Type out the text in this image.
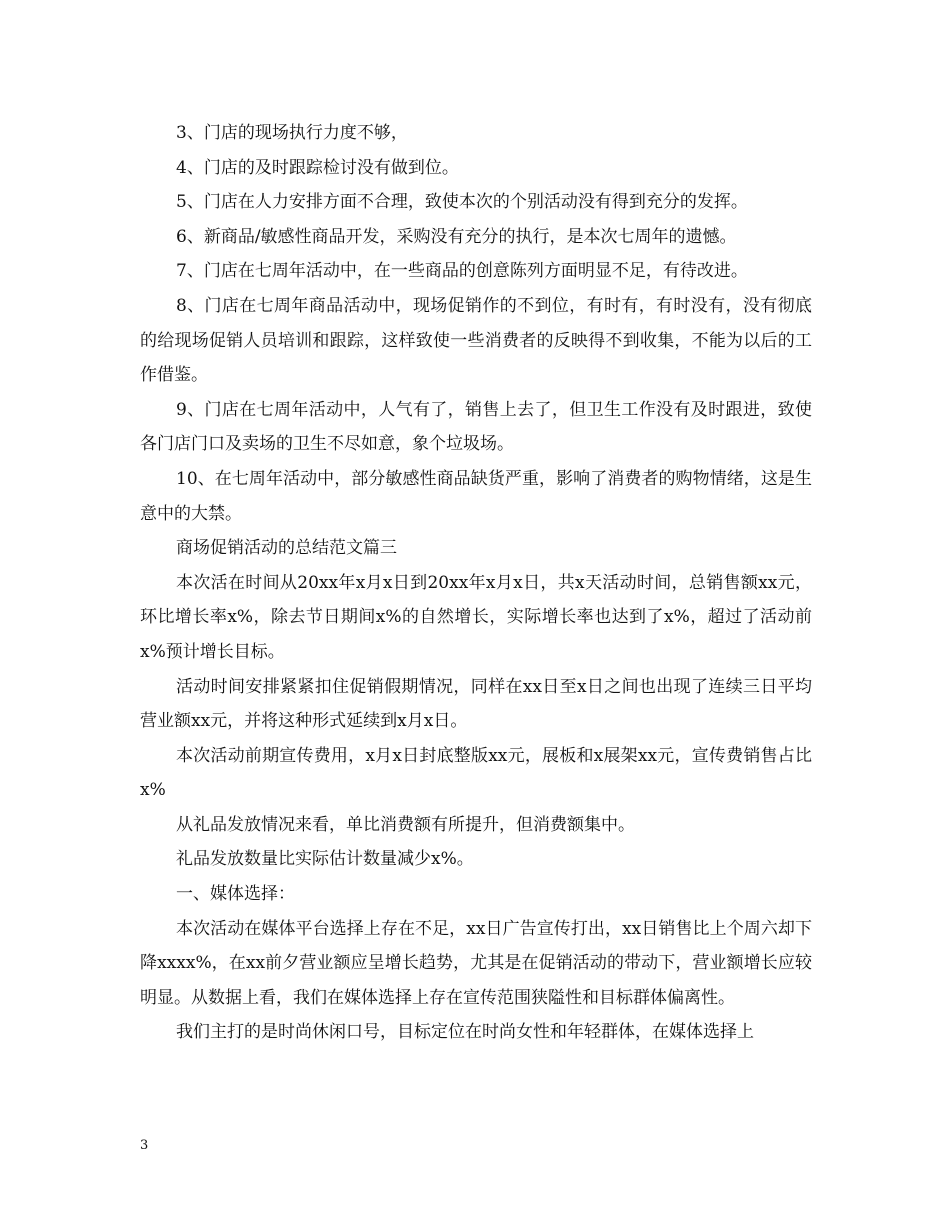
3、门店的现场执行力度不够，

4、门店的及时跟踪检讨没有做到位。

5、门店在人力安排方面不合理，致使本次的个别活动没有得到充分的发挥。

6、新商品/敏感性商品开发，采购没有充分的执行，是本次七周年的遗憾。

7、门店在七周年活动中，在一些商品的创意陈列方面明显不足，有待改进。

8、门店在七周年商品活动中，现场促销作的不到位，有时有，有时没有，没有彻底的给现场促销人员培训和跟踪，这样致使一些消费者的反映得不到收集，不能为以后的工作借鉴。

9、门店在七周年活动中，人气有了，销售上去了，但卫生工作没有及时跟进，致使各门店门口及卖场的卫生不尽如意，象个垃圾场。

10、在七周年活动中，部分敏感性商品缺货严重，影响了消费者的购物情绪，这是生意中的大禁。

商场促销活动的总结范文篇三

本次活在时间从20xx年x月x日到20xx年x月x日，共x天活动时间，总销售额xx元，环比增长率x%，除去节日期间x%的自然增长，实际增长率也达到了x%，超过了活动前x%预计增长目标。

活动时间安排紧紧扣住促销假期情况，同样在xx日至x日之间也出现了连续三日平均营业额xx元，并将这种形式延续到x月x日。

本次活动前期宣传费用，x月x日封底整版xx元，展板和x展架xx元，宣传费销售占比x%

从礼品发放情况来看，单比消费额有所提升，但消费额集中。

礼品发放数量比实际估计数量减少x%。

一、媒体选择：

本次活动在媒体平台选择上存在不足，xx日广告宣传打出，xx日销售比上个周六却下降xxxx%，在xx前夕营业额应呈增长趋势，尤其是在促销活动的带动下，营业额增长应较明显。从数据上看，我们在媒体选择上存在宣传范围狭隘性和目标群体偏离性。

我们主打的是时尚休闲口号，目标定位在时尚女性和年轻群体，在媒体选择上

3
